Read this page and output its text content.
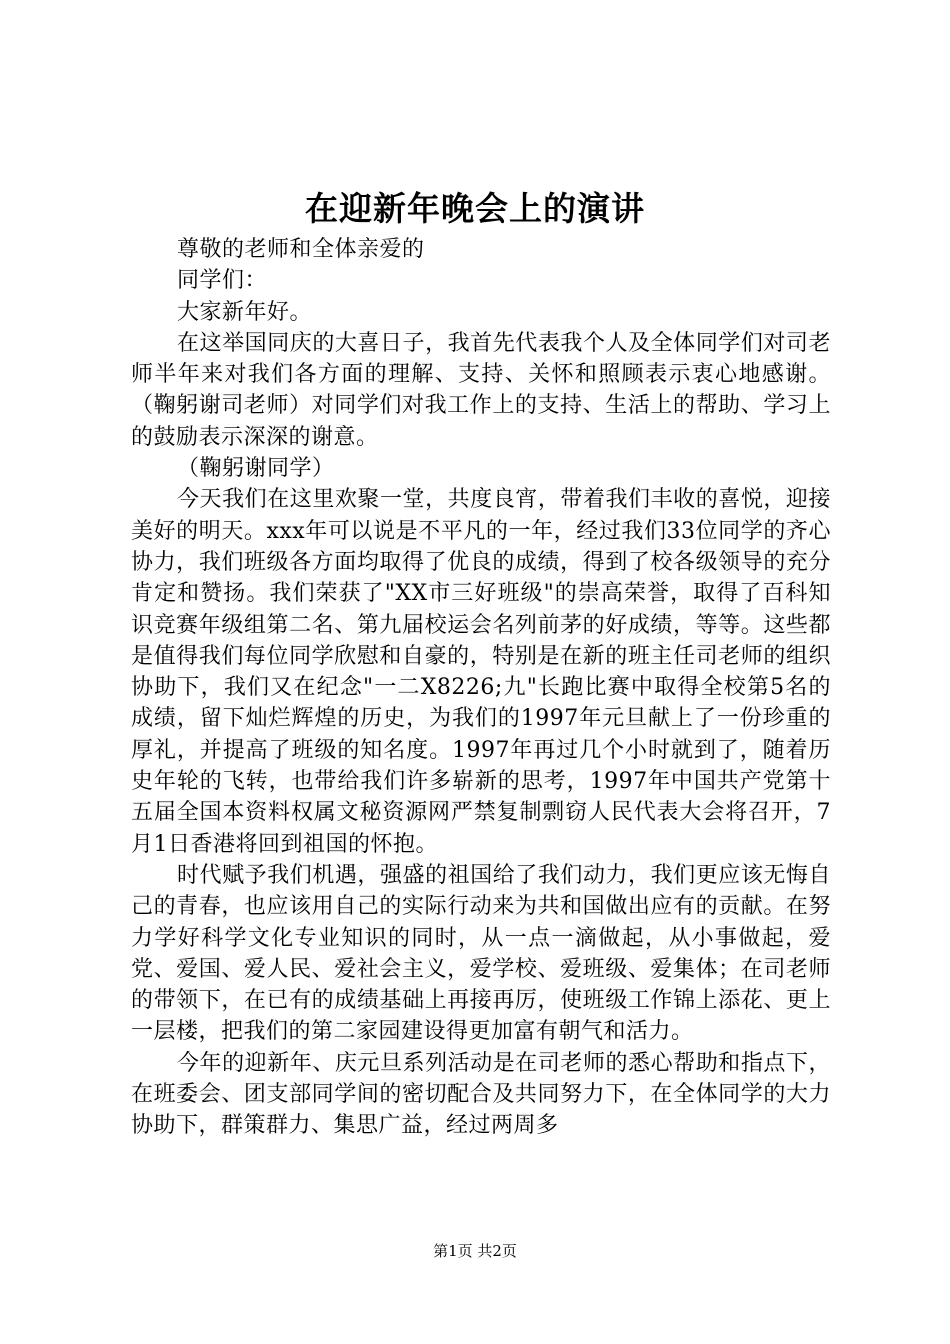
在迎新年晚会上的演讲

尊敬的老师和全体亲爱的

同学们：

大家新年好。

在这举国同庆的大喜日子，我首先代表我个人及全体同学们对司老师半年来对我们各方面的理解、支持、关怀和照顾表示衷心地感谢。（鞠躬谢司老师）对同学们对我工作上的支持、生活上的帮助、学习上的鼓励表示深深的谢意。

（鞠躬谢同学）

今天我们在这里欢聚一堂，共度良宵，带着我们丰收的喜悦，迎接美好的明天。xxx年可以说是不平凡的一年，经过我们33位同学的齐心协力，我们班级各方面均取得了优良的成绩，得到了校各级领导的充分肯定和赞扬。我们荣获了"XX市三好班级"的崇高荣誉，取得了百科知识竞赛年级组第二名、第九届校运会名列前茅的好成绩，等等。这些都是值得我们每位同学欣慰和自豪的，特别是在新的班主任司老师的组织协助下，我们又在纪念"一二X8226;九"长跑比赛中取得全校第5名的成绩，留下灿烂辉煌的历史，为我们的1997年元旦献上了一份珍重的厚礼，并提高了班级的知名度。1997年再过几个小时就到了，随着历史年轮的飞转，也带给我们许多崭新的思考，1997年中国共产党第十五届全国本资料权属文秘资源网严禁复制剽窃人民代表大会将召开，7月1日香港将回到祖国的怀抱。

时代赋予我们机遇，强盛的祖国给了我们动力，我们更应该无悔自己的青春，也应该用自己的实际行动来为共和国做出应有的贡献。在努力学好科学文化专业知识的同时，从一点一滴做起，从小事做起，爱党、爱国、爱人民、爱社会主义，爱学校、爱班级、爱集体；在司老师的带领下，在已有的成绩基础上再接再厉，使班级工作锦上添花、更上一层楼，把我们的第二家园建设得更加富有朝气和活力。

今年的迎新年、庆元旦系列活动是在司老师的悉心帮助和指点下，在班委会、团支部同学间的密切配合及共同努力下，在全体同学的大力协助下，群策群力、集思广益，经过两周多

第1页 共2页
